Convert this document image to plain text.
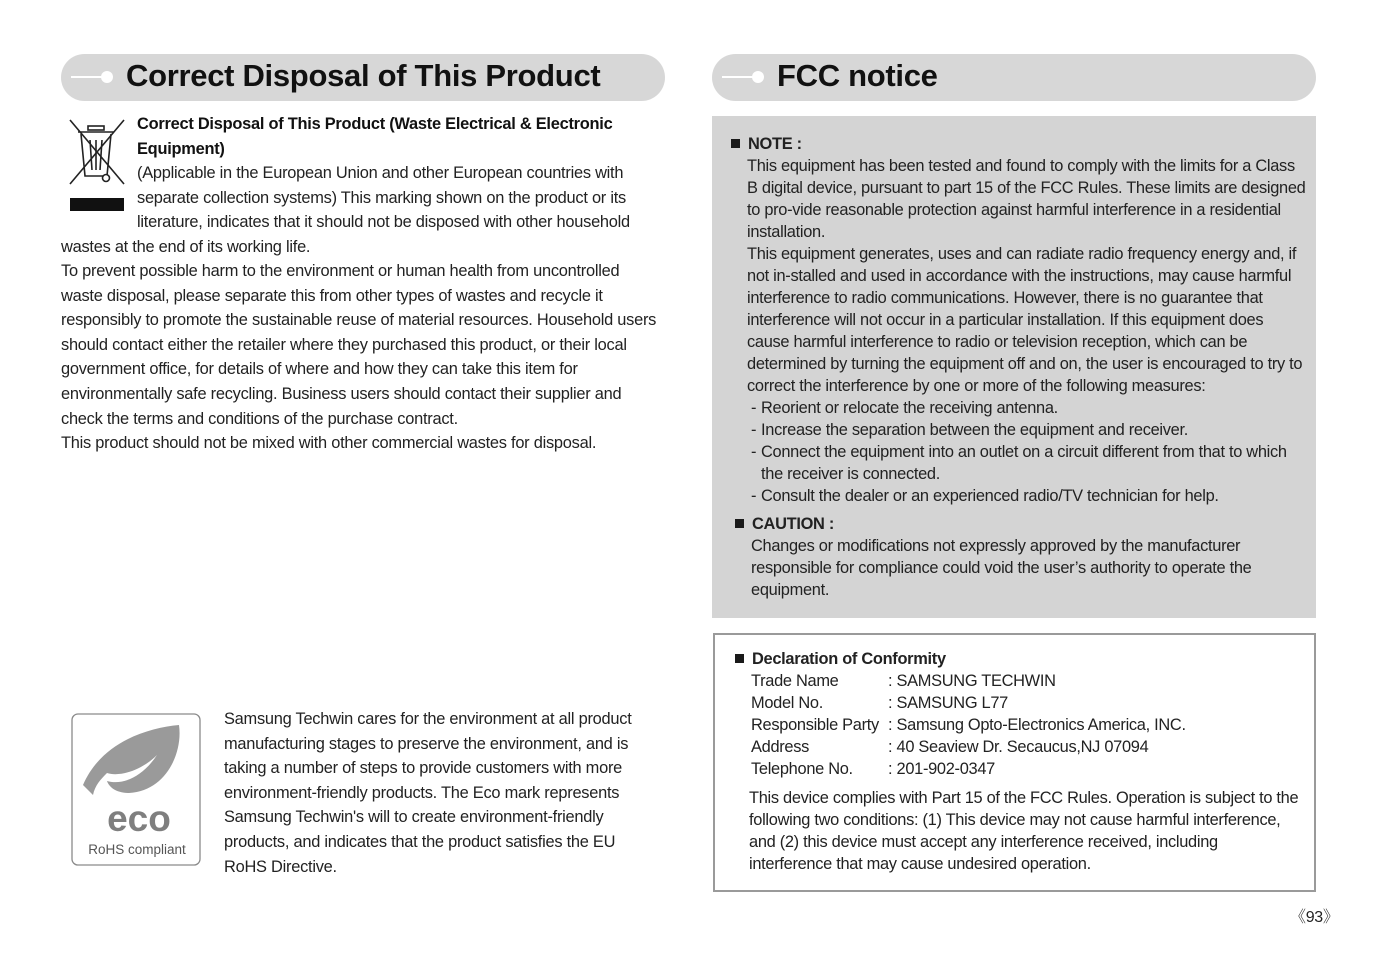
Correct Disposal of This Product	FCC notice
Correct Disposal of This Product (Waste Electrical & Electronic Equipment)
(Applicable in the European Union and other European countries with separate collection systems) This marking shown on the product or its literature, indicates that it should not be disposed with other household
wastes at the end of its working life.
To prevent possible harm to the environment or human health from uncontrolled waste disposal, please separate this from other types of wastes and recycle it responsibly to promote the sustainable reuse of material resources. Household users should contact either the retailer where they purchased this product, or their local government office, for details of where and how they can take this item for environmentally safe recycling. Business users should contact their supplier and check the terms and conditions of the purchase contract.
This product should not be mixed with other commercial wastes for disposal.
eco
RoHS compliant
Samsung Techwin cares for the environment at all product manufacturing stages to preserve the environment, and is taking a number of steps to provide customers with more environment-friendly products. The Eco mark represents Samsung Techwin's will to create environment-friendly products, and indicates that the product satisfies the EU RoHS Directive.
NOTE :
This equipment has been tested and found to comply with the limits for a Class B digital device, pursuant to part 15 of the FCC Rules. These limits are designed to pro-vide reasonable protection against harmful interference in a residential installation.
This equipment generates, uses and can radiate radio frequency energy and, if not in-stalled and used in accordance with the instructions, may cause harmful interference to radio communications. However, there is no guarantee that interference will not occur in a particular installation. If this equipment does cause harmful interference to radio or television reception, which can be determined by turning the equipment off and on, the user is encouraged to try to correct the interference by one or more of the following measures:
- Reorient or relocate the receiving antenna.
- Increase the separation between the equipment and receiver.
- Connect the equipment into an outlet on a circuit different from that to which the receiver is connected.
- Consult the dealer or an experienced radio/TV technician for help.
CAUTION :
Changes or modifications not expressly approved by the manufacturer responsible for compliance could void the user’s authority to operate the equipment.
Declaration of Conformity
Trade Name	: SAMSUNG TECHWIN
Model No.	: SAMSUNG L77
Responsible Party : Samsung Opto-Electronics America, INC.
Address	: 40 Seaview Dr. Secaucus,NJ 07094
Telephone No. : 201-902-0347
This device complies with Part 15 of the FCC Rules. Operation is subject to the following two conditions: (1) This device may not cause harmful interference, and (2) this device must accept any interference received, including interference that may cause undesired operation.
《93》
